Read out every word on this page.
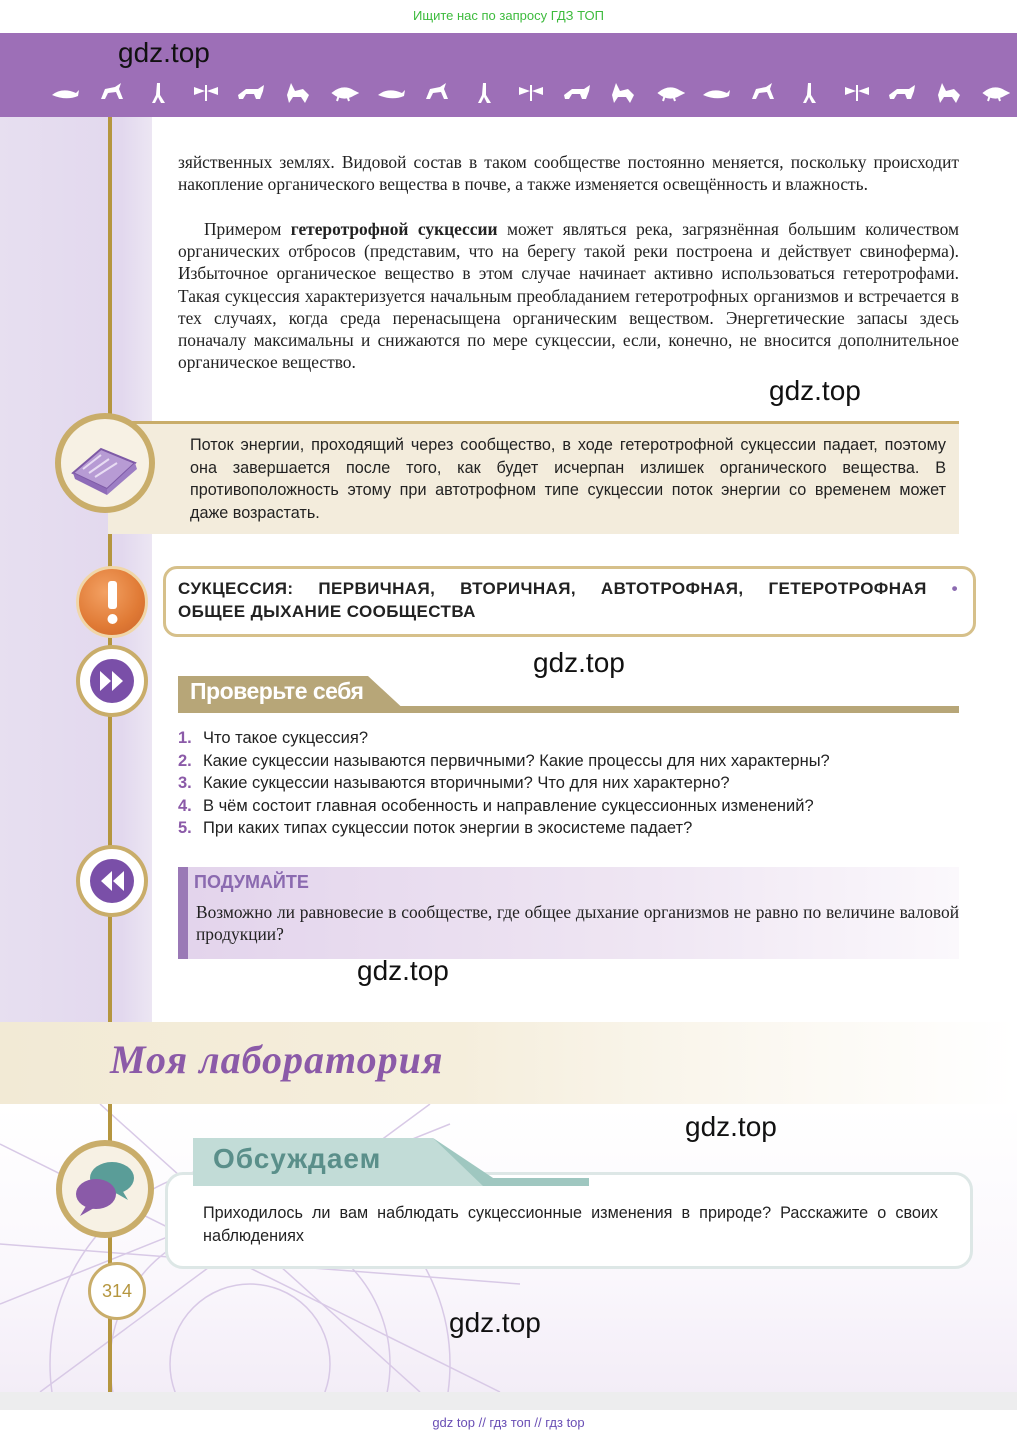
Ищите нас по запросу ГДЗ ТОП
gdz.top

зяйственных землях. Видовой состав в таком сообществе постоянно меняется, поскольку происходит накопление органического вещества в почве, а также изменяется освещённость и влажность.

Примером гетеротрофной сукцессии может являться река, загрязнённая большим количеством органических отбросов (представим, что на берегу такой реки построена и действует свиноферма). Избыточное органическое вещество в этом случае начинает активно использоваться гетеротрофами. Такая сукцессия характеризуется начальным преобладанием гетеротрофных организмов и встречается в тех случаях, когда среда перенасыщена органическим веществом. Энергетические запасы здесь поначалу максимальны и снижаются по мере сукцессии, если, конечно, не вносится дополнительное органическое вещество.

gdz.top

Поток энергии, проходящий через сообщество, в ходе гетеротрофной сукцессии падает, поэтому она завершается после того, как будет исчерпан излишек органического вещества. В противоположность этому при автотрофном типе сукцессии поток энергии со временем может даже возрастать.

СУКЦЕССИЯ: ПЕРВИЧНАЯ, ВТОРИЧНАЯ, АВТОТРОФНАЯ, ГЕТЕРОТРОФНАЯ •
ОБЩЕЕ ДЫХАНИЕ СООБЩЕСТВА
gdz.top
Проверьте себя
1. Что такое сукцессия?
2. Какие сукцессии называются первичными? Какие процессы для них характерны?
3. Какие сукцессии называются вторичными? Что для них характерно?
4. В чём состоит главная особенность и направление сукцессионных изменений?
5. При каких типах сукцессии поток энергии в экосистеме падает?
ПОДУМАЙТЕ

Возможно ли равновесие в сообществе, где общее дыхание организмов не равно по величине валовой продукции?

gdz.top
Моя лаборатория
gdz.top
Обсуждаем

Приходилось ли вам наблюдать сукцессионные изменения в природе? Расскажите о своих наблюдениях

314
gdz.top
gdz top // гдз топ // гдз top
